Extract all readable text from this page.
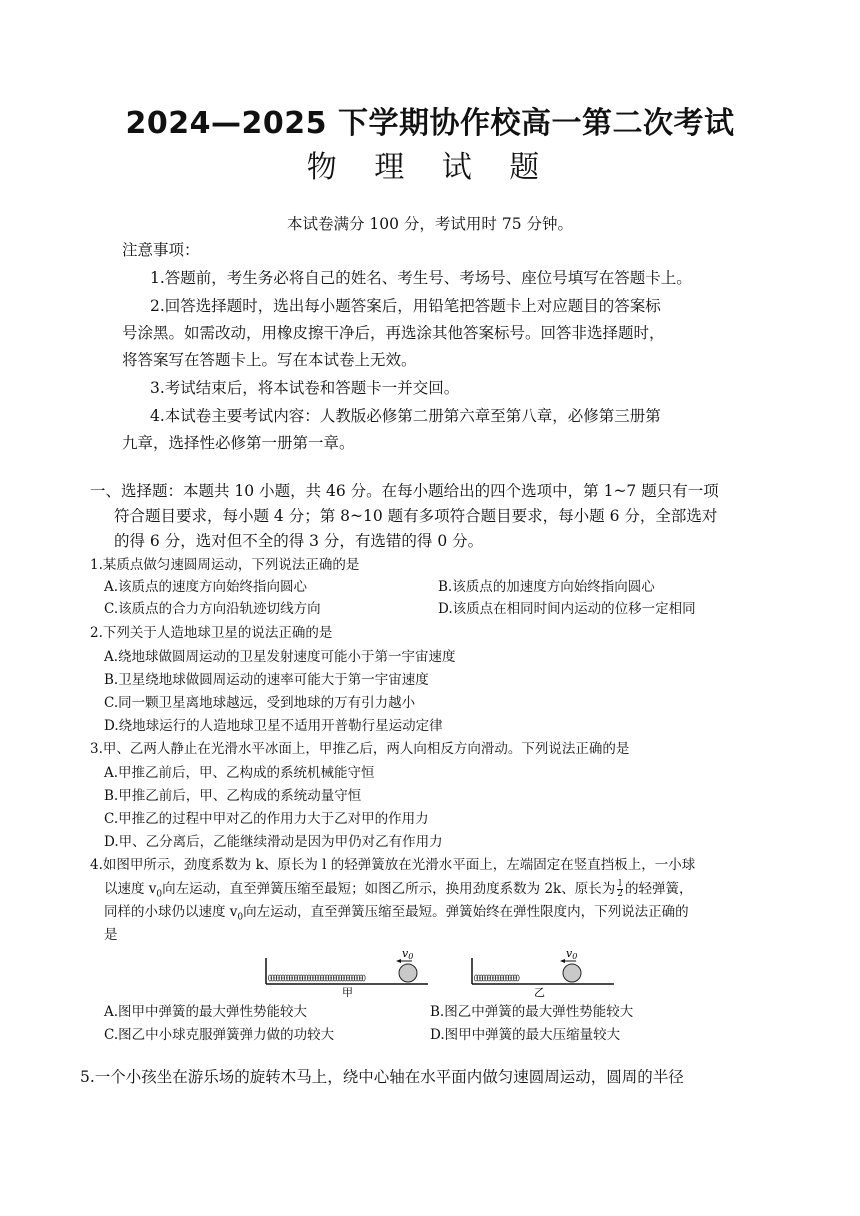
2024—2025 下学期协作校高一第二次考试
物 理 试 题
本试卷满分 100 分，考试用时 75 分钟。
注意事项：
1.答题前，考生务必将自己的姓名、考生号、考场号、座位号填写在答题卡上。
2.回答选择题时，选出每小题答案后，用铅笔把答题卡上对应题目的答案标
号涂黑。如需改动，用橡皮擦干净后，再选涂其他答案标号。回答非选择题时，
将答案写在答题卡上。写在本试卷上无效。
3.考试结束后，将本试卷和答题卡一并交回。
4.本试卷主要考试内容：人教版必修第二册第六章至第八章，必修第三册第
九章，选择性必修第一册第一章。
一、选择题：本题共 10 小题，共 46 分。在每小题给出的四个选项中，第 1~7 题只有一项
符合题目要求，每小题 4 分；第 8~10 题有多项符合题目要求，每小题 6 分，全部选对
的得 6 分，选对但不全的得 3 分，有选错的得 0 分。
1.某质点做匀速圆周运动，下列说法正确的是
A.该质点的速度方向始终指向圆心	B.该质点的加速度方向始终指向圆心
C.该质点的合力方向沿轨迹切线方向	D.该质点在相同时间内运动的位移一定相同
2.下列关于人造地球卫星的说法正确的是
A.绕地球做圆周运动的卫星发射速度可能小于第一宇宙速度
B.卫星绕地球做圆周运动的速率可能大于第一宇宙速度
C.同一颗卫星离地球越远，受到地球的万有引力越小
D.绕地球运行的人造地球卫星不适用开普勒行星运动定律
3.甲、乙两人静止在光滑水平冰面上，甲推乙后，两人向相反方向滑动。下列说法正确的是
A.甲推乙前后，甲、乙构成的系统机械能守恒
B.甲推乙前后，甲、乙构成的系统动量守恒
C.甲推乙的过程中甲对乙的作用力大于乙对甲的作用力
D.甲、乙分离后，乙能继续滑动是因为甲仍对乙有作用力
4.如图甲所示，劲度系数为 k、原长为 l 的轻弹簧放在光滑水平面上，左端固定在竖直挡板上，一小球
以速度 $v_0$向左运动，直至弹簧压缩至最短；如图乙所示，换用劲度系数为 2k、原长为 $\frac{l}{2}$ 的轻弹簧，
同样的小球仍以速度 $v_0$向左运动，直至弹簧压缩至最短。弹簧始终在弹性限度内，下列说法正确的
是
v0
甲
v0
乙
A.图甲中弹簧的最大弹性势能较大	B.图乙中弹簧的最大弹性势能较大
C.图乙中小球克服弹簧弹力做的功较大	D.图甲中弹簧的最大压缩量较大
5.一个小孩坐在游乐场的旋转木马上，绕中心轴在水平面内做匀速圆周运动，圆周的半径
